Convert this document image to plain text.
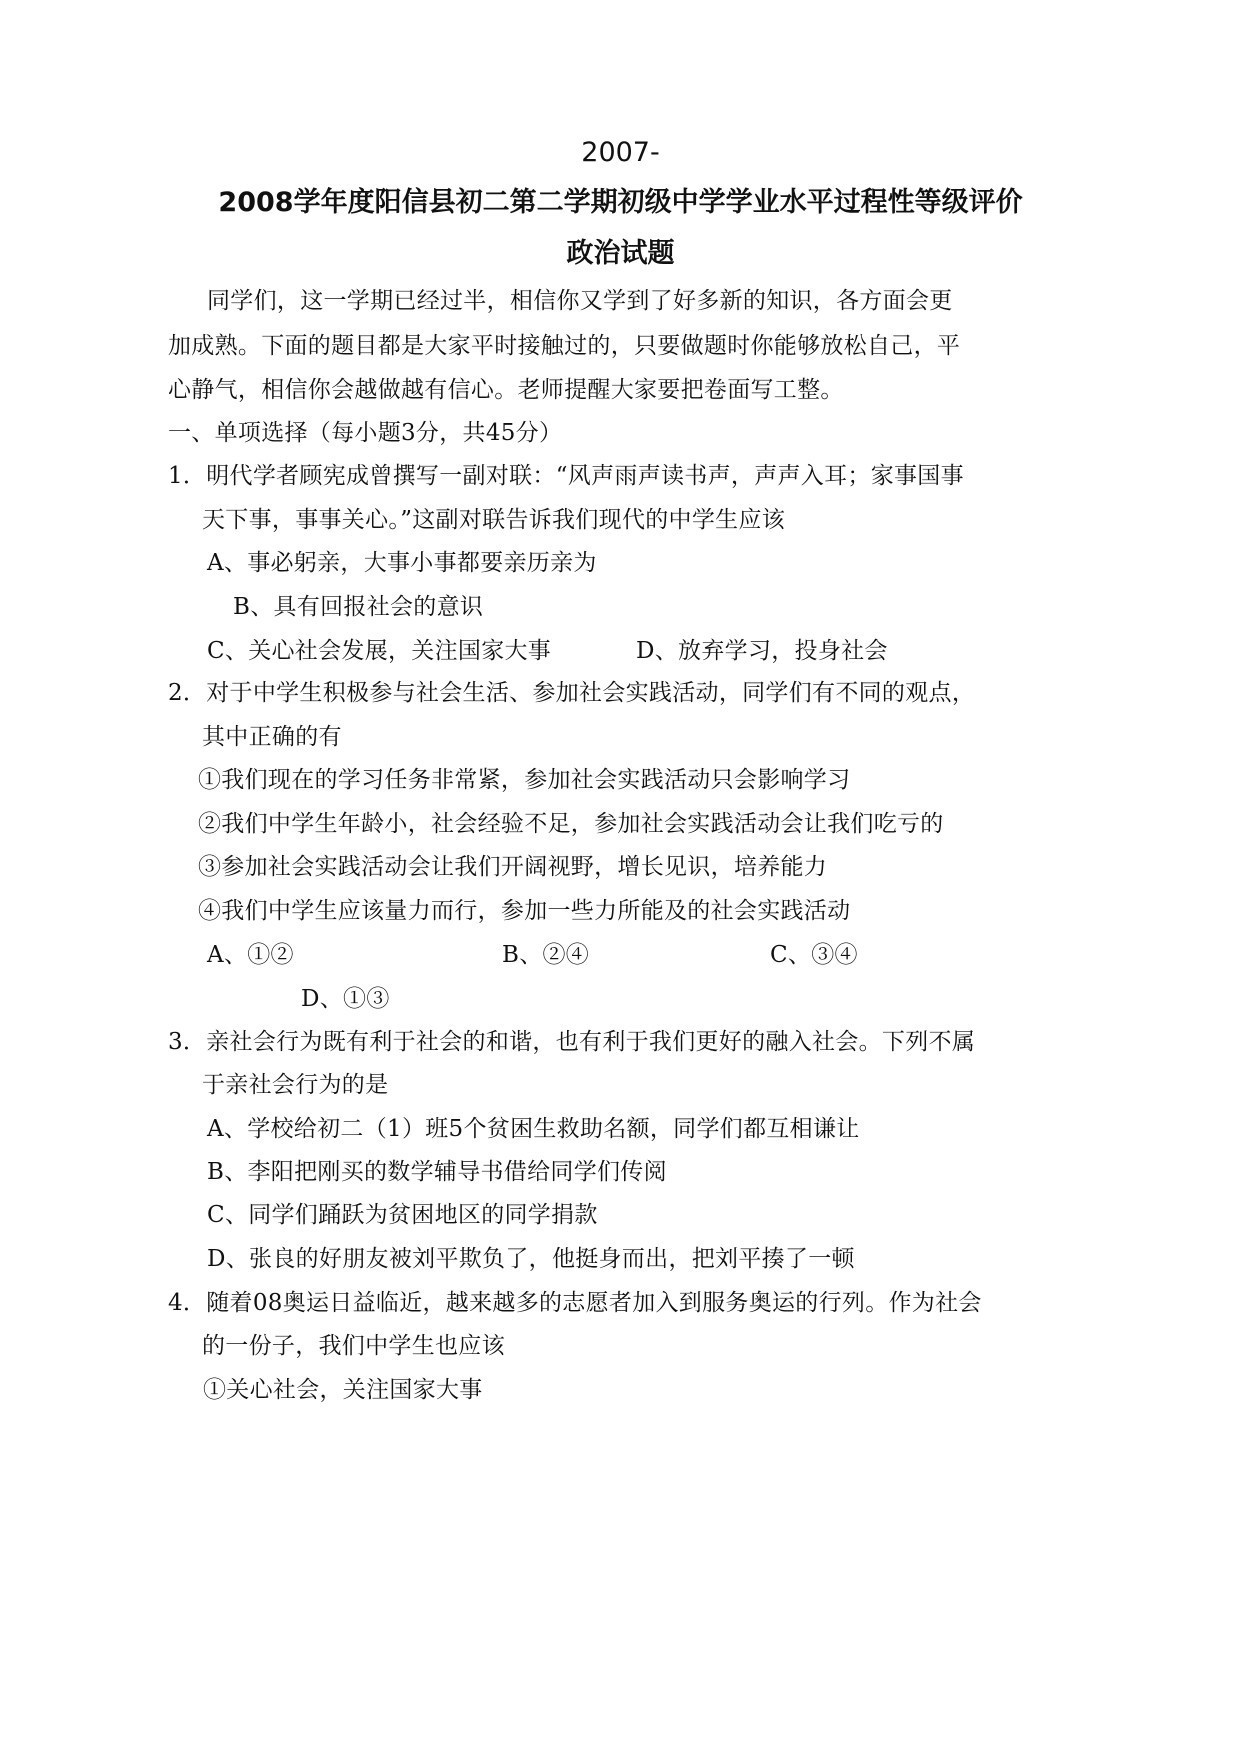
2007-
2008学年度阳信县初二第二学期初级中学学业水平过程性等级评价
政治试题
同学们，这一学期已经过半，相信你又学到了好多新的知识，各方面会更
加成熟。下面的题目都是大家平时接触过的，只要做题时你能够放松自己，平
心静气，相信你会越做越有信心。老师提醒大家要把卷面写工整。
一、单项选择（每小题3分，共45分）
1．明代学者顾宪成曾撰写一副对联：“风声雨声读书声，声声入耳；家事国事
天下事，事事关心。”这副对联告诉我们现代的中学生应该
A、事必躬亲，大事小事都要亲历亲为
B、具有回报社会的意识
C、关心社会发展，关注国家大事	D、放弃学习，投身社会
2．对于中学生积极参与社会生活、参加社会实践活动，同学们有不同的观点，
其中正确的有
①我们现在的学习任务非常紧，参加社会实践活动只会影响学习
②我们中学生年龄小，社会经验不足，参加社会实践活动会让我们吃亏的
③参加社会实践活动会让我们开阔视野，增长见识，培养能力
④我们中学生应该量力而行，参加一些力所能及的社会实践活动
A、①②	B、②④	C、③④
D、①③
3．亲社会行为既有利于社会的和谐，也有利于我们更好的融入社会。下列不属
于亲社会行为的是
A、学校给初二（1）班5个贫困生救助名额，同学们都互相谦让
B、李阳把刚买的数学辅导书借给同学们传阅
C、同学们踊跃为贫困地区的同学捐款
D、张良的好朋友被刘平欺负了，他挺身而出，把刘平揍了一顿
4．随着08奥运日益临近，越来越多的志愿者加入到服务奥运的行列。作为社会
的一份子，我们中学生也应该
①关心社会，关注国家大事
